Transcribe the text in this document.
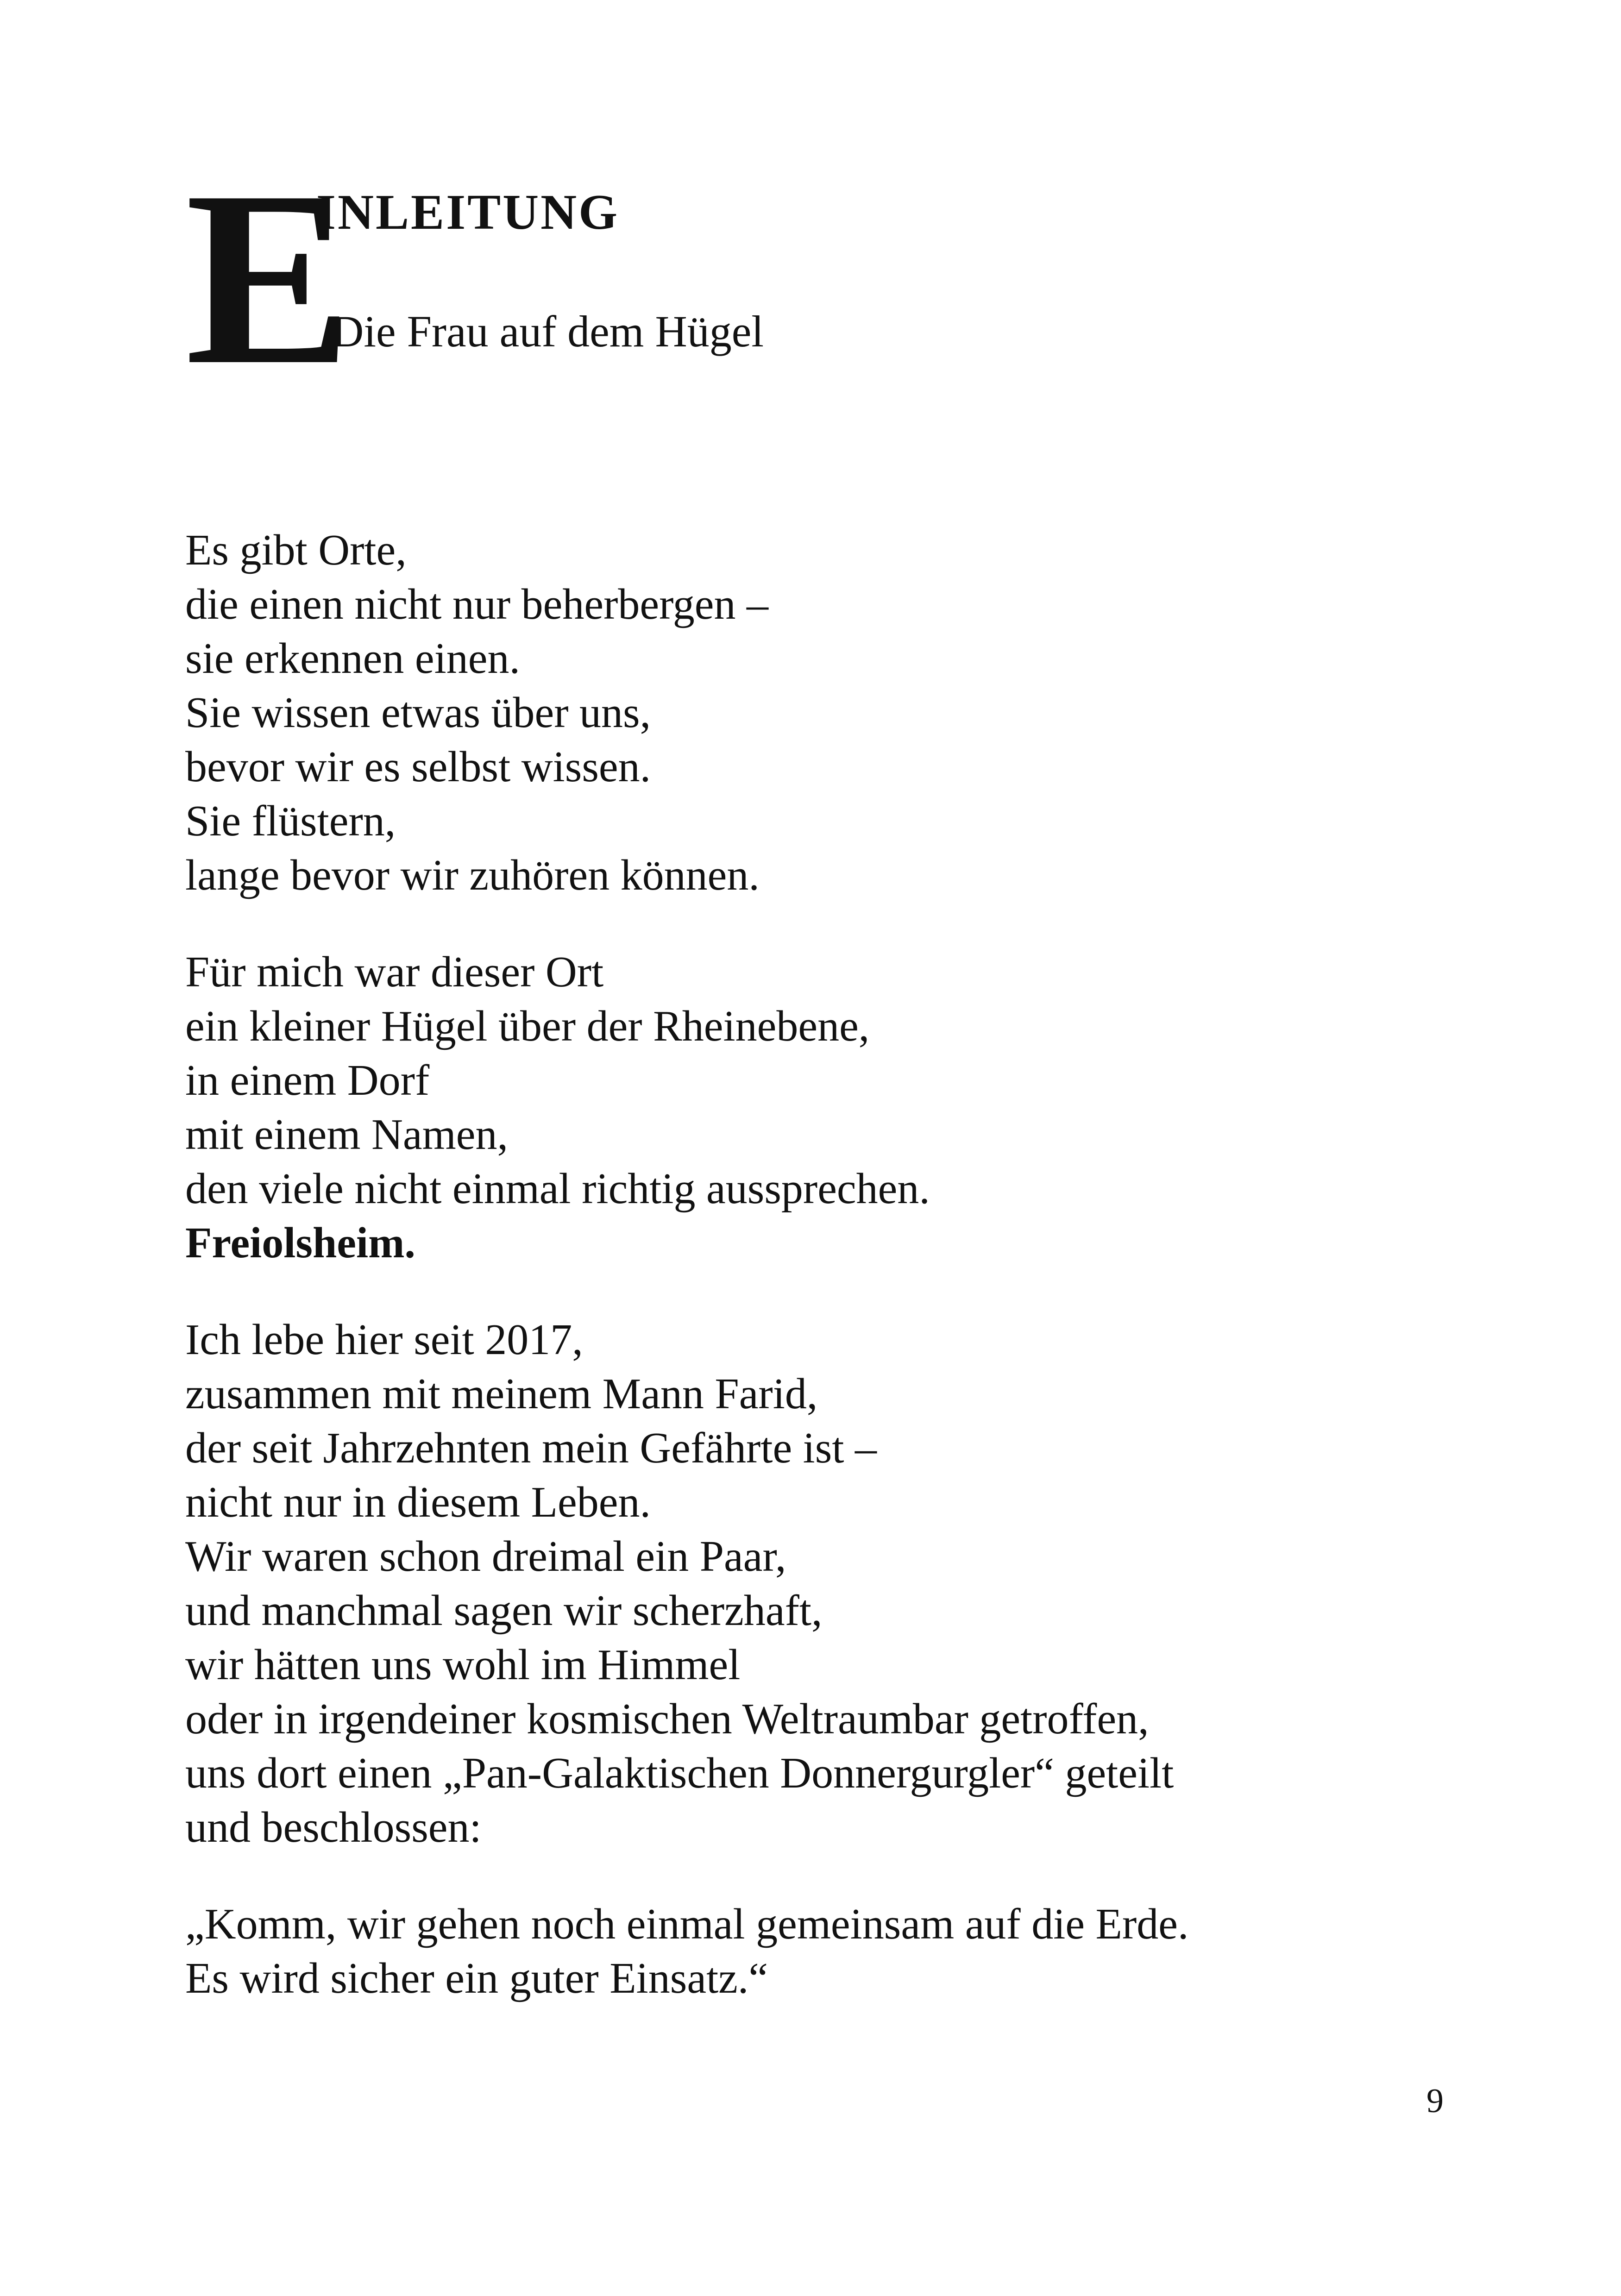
E
INLEITUNG
Die Frau auf dem Hügel

Es gibt Orte,
die einen nicht nur beherbergen –
sie erkennen einen.
Sie wissen etwas über uns,
bevor wir es selbst wissen.
Sie flüstern,
lange bevor wir zuhören können.

Für mich war dieser Ort
ein kleiner Hügel über der Rheinebene,
in einem Dorf
mit einem Namen,
den viele nicht einmal richtig aussprechen.
Freiolsheim.

Ich lebe hier seit 2017,
zusammen mit meinem Mann Farid,
der seit Jahrzehnten mein Gefährte ist –
nicht nur in diesem Leben.
Wir waren schon dreimal ein Paar,
und manchmal sagen wir scherzhaft,
wir hätten uns wohl im Himmel
oder in irgendeiner kosmischen Weltraumbar getroffen,
uns dort einen „Pan-Galaktischen Donnergurgler“ geteilt
und beschlossen:

„Komm, wir gehen noch einmal gemeinsam auf die Erde.
Es wird sicher ein guter Einsatz.“

9
